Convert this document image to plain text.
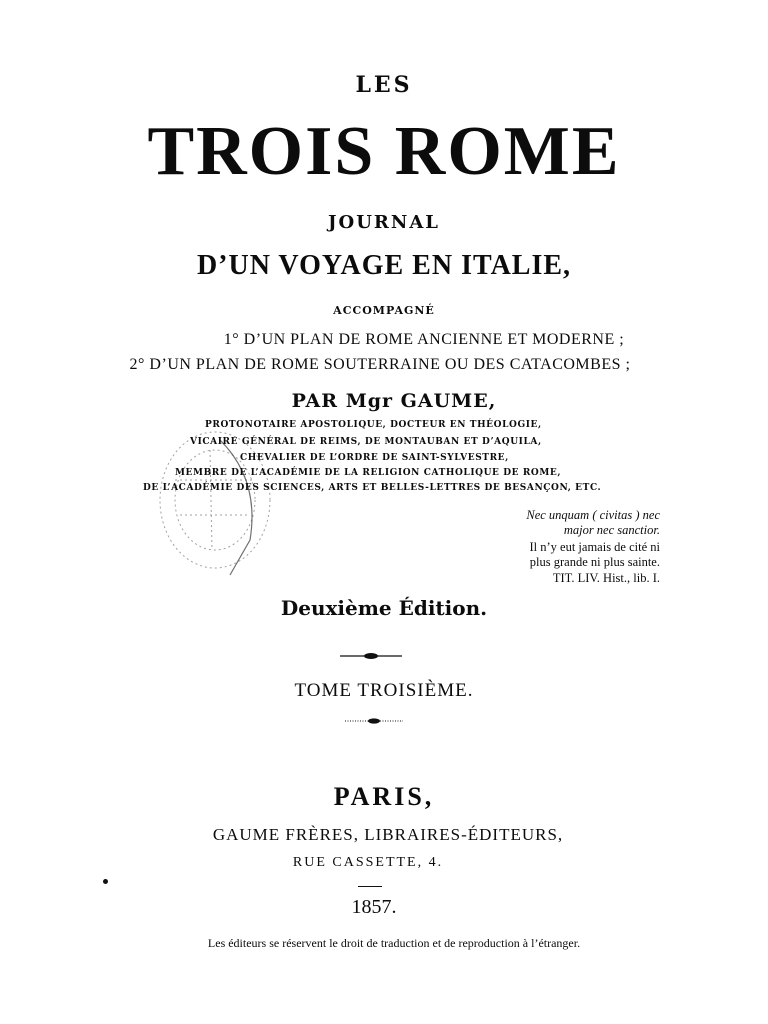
LES
TROIS ROME
JOURNAL
D’UN VOYAGE EN ITALIE,
ACCOMPAGNÉ
1° D’UN PLAN DE ROME ANCIENNE ET MODERNE ;
2° D’UN PLAN DE ROME SOUTERRAINE OU DES CATACOMBES ;
PAR Mgr GAUME,
PROTONOTAIRE APOSTOLIQUE, DOCTEUR EN THÉOLOGIE,
VICAIRE GÉNÉRAL DE REIMS, DE MONTAUBAN ET D’AQUILA,
CHEVALIER DE L’ORDRE DE SAINT-SYLVESTRE,
MEMBRE DE L’ACADÉMIE DE LA RELIGION CATHOLIQUE DE ROME,
DE L’ACADÉMIE DES SCIENCES, ARTS ET BELLES-LETTRES DE BESANÇON, ETC.
Nec unquam ( civitas ) nec
major nec sanctior.
Il n’y eut jamais de cité ni
plus grande ni plus sainte.
TIT. LIV. Hist., lib. I.
Deuxième Édition.
TOME TROISIÈME.
PARIS,
GAUME FRÈRES, LIBRAIRES-ÉDITEURS,
RUE CASSETTE, 4.
1857.
Les éditeurs se réservent le droit de traduction et de reproduction à l’étranger.
